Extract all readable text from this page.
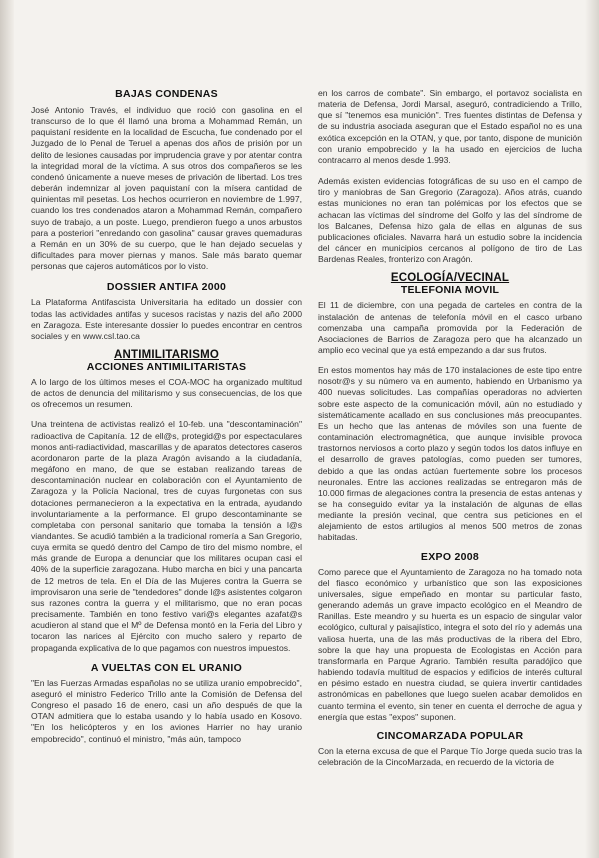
BAJAS CONDENAS

José Antonio Través, el individuo que roció con gasolina en el transcurso de lo que él llamó una broma a Mohammad Remán, un paquistaní residente en la localidad de Escucha, fue condenado por el Juzgado de lo Penal de Teruel a apenas dos años de prisión por un delito de lesiones causadas por imprudencia grave y por atentar contra la integridad moral de la víctima. A sus otros dos compañeros se les condenó únicamente a nueve meses de privación de libertad. Los tres deberán indemnizar al joven paquistaní con la mísera cantidad de quinientas mil pesetas. Los hechos ocurrieron en noviembre de 1.997, cuando los tres condenados ataron a Mohammad Remán, compañero suyo de trabajo, a un poste. Luego, prendieron fuego a unos arbustos para a posteriori "enredando con gasolina" causar graves quemaduras a Remán en un 30% de su cuerpo, que le han dejado secuelas y dificultades para mover piernas y manos. Sale más barato quemar personas que cajeros automáticos por lo visto.

DOSSIER ANTIFA 2000

La Plataforma Antifascista Universitaria ha editado un dossier con todas las actividades antifas y sucesos racistas y nazis del año 2000 en Zaragoza. Este interesante dossier lo puedes encontrar en centros sociales y en www.csl.tao.ca

ANTIMILITARISMO
ACCIONES ANTIMILITARISTAS

A lo largo de los últimos meses el COA-MOC ha organizado multitud de actos de denuncia del militarismo y sus consecuencias, de los que os ofrecemos un resumen.

Una treintena de activistas realizó el 10-feb. una "descontaminación" radioactiva de Capitanía. 12 de ell@s, protegid@s por espectaculares monos anti-radiactividad, mascarillas y de aparatos detectores caseros acordonaron parte de la plaza Aragón avisando a la ciudadanía, megáfono en mano, de que se estaban realizando tareas de descontaminación nuclear en colaboración con el Ayuntamiento de Zaragoza y la Policía Nacional, tres de cuyas furgonetas con sus dotaciones permanecieron a la expectativa en la entrada, ayudando involuntariamente a la performance. El grupo descontaminante se completaba con personal sanitario que tomaba la tensión a l@s viandantes. Se acudió también a la tradicional romería a San Gregorio, cuya ermita se quedó dentro del Campo de tiro del mismo nombre, el más grande de Europa a denunciar que los militares ocupan casi el 40% de la superficie zaragozana. Hubo marcha en bici y una pancarta de 12 metros de tela. En el Día de las Mujeres contra la Guerra se improvisaron una serie de "tendedores" donde l@s asistentes colgaron sus razones contra la guerra y el militarismo, que no eran pocas precisamente. También en tono festivo vari@s elegantes azafat@s acudieron al stand que el Mº de Defensa montó en la Feria del Libro y tocaron las narices al Ejército con mucho salero y reparto de propaganda explicativa de lo que pagamos con nuestros impuestos.

A VUELTAS CON EL URANIO

"En las Fuerzas Armadas españolas no se utiliza uranio empobrecido", aseguró el ministro Federico Trillo ante la Comisión de Defensa del Congreso el pasado 16 de enero, casi un año después de que la OTAN admitiera que lo estaba usando y lo había usado en Kosovo. "En los helicópteros y en los aviones Harrier no hay uranio empobrecido", continuó el ministro, "más aún, tampoco

en los carros de combate". Sin embargo, el portavoz socialista en materia de Defensa, Jordi Marsal, aseguró, contradiciendo a Trillo, que sí "tenemos esa munición". Tres fuentes distintas de Defensa y de su industria asociada aseguran que el Estado español no es una exótica excepción en la OTAN, y que, por tanto, dispone de munición con uranio empobrecido y la ha usado en ejercicios de lucha contracarro al menos desde 1.993.

Además existen evidencias fotográficas de su uso en el campo de tiro y maniobras de San Gregorio (Zaragoza). Años atrás, cuando estas municiones no eran tan polémicas por los efectos que se achacan las víctimas del síndrome del Golfo y las del síndrome de los Balcanes, Defensa hizo gala de ellas en algunas de sus publicaciones oficiales. Navarra hará un estudio sobre la incidencia del cáncer en municipios cercanos al polígono de tiro de Las Bardenas Reales, fronterizo con Aragón.

ECOLOGÍA/VECINAL
TELEFONIA MOVIL

El 11 de diciembre, con una pegada de carteles en contra de la instalación de antenas de telefonía móvil en el casco urbano comenzaba una campaña promovida por la Federación de Asociaciones de Barrios de Zaragoza pero que ha alcanzado un amplio eco vecinal que ya está empezando a dar sus frutos.

En estos momentos hay más de 170 instalaciones de este tipo entre nosotr@s y su número va en aumento, habiendo en Urbanismo ya 400 nuevas solicitudes. Las compañías operadoras no advierten sobre este aspecto de la comunicación móvil, aún no estudiado y sistemáticamente acallado en sus conclusiones más preocupantes. Es un hecho que las antenas de móviles son una fuente de contaminación electromagnética, que aunque invisible provoca trastornos nerviosos a corto plazo y según todos los datos influye en el desarrollo de graves patologías, como pueden ser tumores, debido a que las ondas actúan fuertemente sobre los procesos neuronales. Entre las acciones realizadas se entregaron más de 10.000 firmas de alegaciones contra la presencia de estas antenas y se ha conseguido evitar ya la instalación de algunas de ellas mediante la presión vecinal, que centra sus peticiones en el alejamiento de estos artilugios al menos 500 metros de zonas habitadas.

EXPO 2008

Como parece que el Ayuntamiento de Zaragoza no ha tomado nota del fiasco económico y urbanístico que son las exposiciones universales, sigue empeñado en montar su particular fasto, generando además un grave impacto ecológico en el Meandro de Ranillas. Este meandro y su huerta es un espacio de singular valor ecológico, cultural y paisajístico, integra el soto del río y además una valiosa huerta, una de las más productivas de la ribera del Ebro, sobre la que hay una propuesta de Ecologistas en Acción para transformarla en Parque Agrario. También resulta paradójico que habiendo todavía multitud de espacios y edificios de interés cultural en pésimo estado en nuestra ciudad, se quiera invertir cantidades astronómicas en pabellones que luego suelen acabar demolidos en cuanto termina el evento, sin tener en cuenta el derroche de agua y energía que estas "expos" suponen.

CINCOMARZADA POPULAR

Con la eterna excusa de que el Parque Tío Jorge queda sucio tras la celebración de la CincoMarzada, en recuerdo de la victoria de
